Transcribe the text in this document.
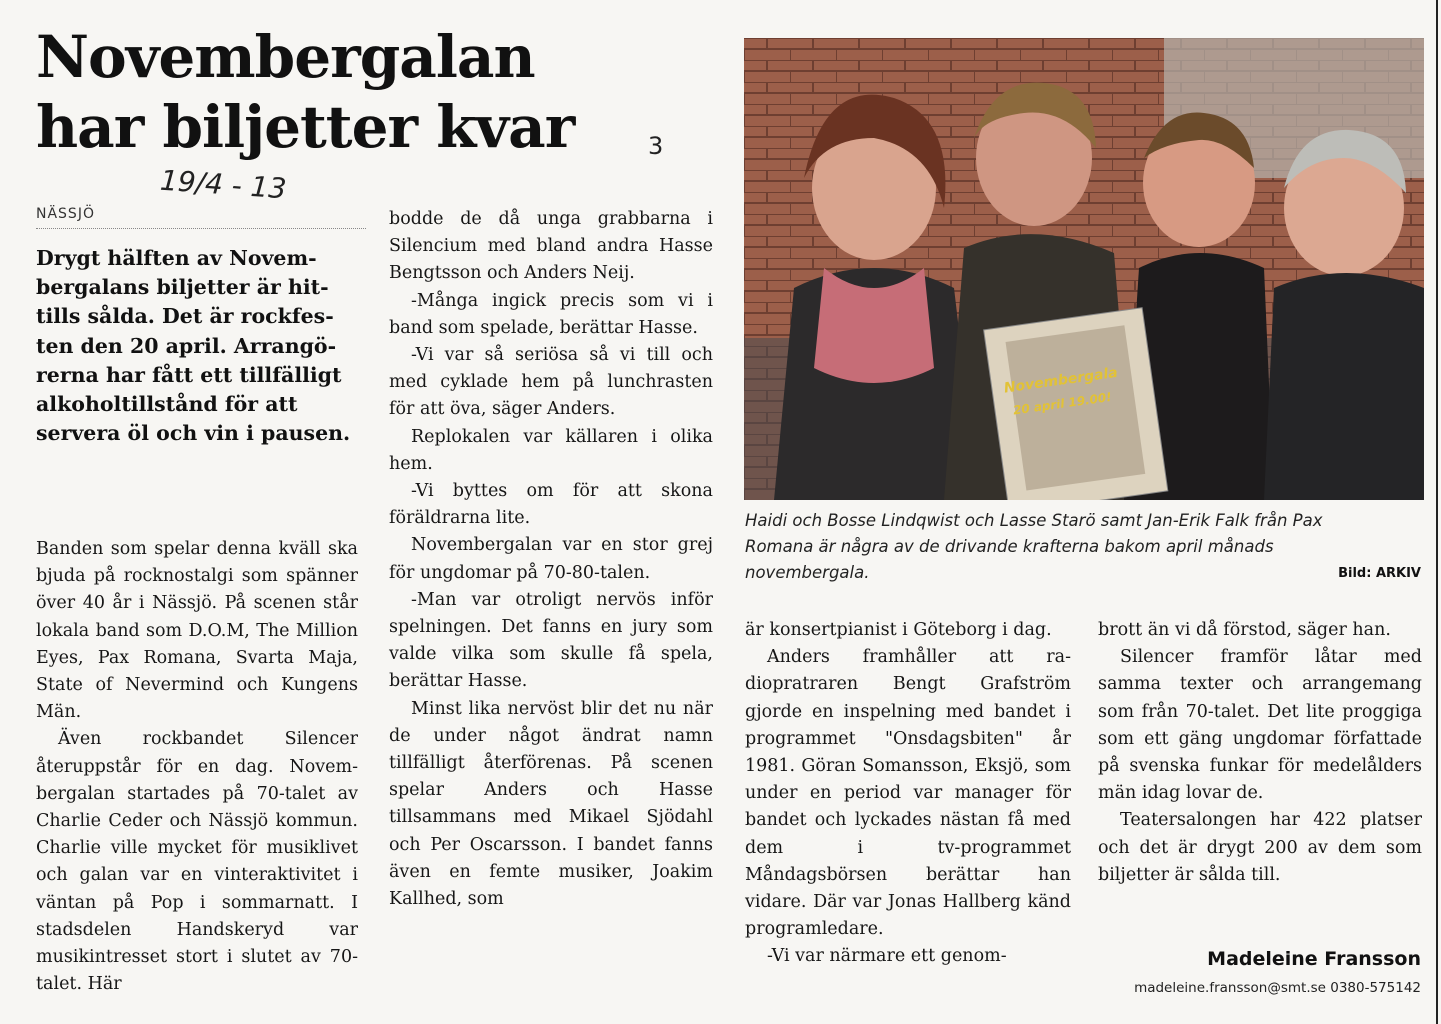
Novembergalan
har biljetter kvar	3
19/4 - 13
NÄSSJÖ

Drygt hälften av Novembergalans biljetter är hittills sålda. Det är rockfesten den 20 april. Arrangörerna har fått ett tillfälligt alkoholtillstånd för att servera öl och vin i pausen.

Banden som spelar denna kväll ska bjuda på rocknostalgi som spänner över 40 år i Nässjö. På scenen står lokala band som D.O.M, The Million Eyes, Pax Romana, Svarta Maja, State of Nevermind och Kungens Män.

Även rockbandet Silencer återuppstår för en dag. Novembergalan startades på 70-talet av Charlie Ceder och Nässjö kommun. Charlie ville mycket för musiklivet och galan var en vinteraktivitet i väntan på Pop i sommarnatt. I stadsdelen Handskeryd var musikintresset stort i slutet av 70-talet. Här

bodde de då unga grabbarna i Silencium med bland andra Hasse Bengtsson och Anders Neij.

-Många ingick precis som vi i band som spelade, berättar Hasse.

-Vi var så seriösa så vi till och med cyklade hem på lunchrasten för att öva, säger Anders.

Replokalen var källaren i olika hem.

-Vi byttes om för att skona föräldrarna lite.

Novembergalan var en stor grej för ungdomar på 70-80-talen.

-Man var otroligt nervös inför spelningen. Det fanns en jury som valde vilka som skulle få spela, berättar Hasse.

Minst lika nervöst blir det nu när de under något ändrat namn tillfälligt återförenas. På scenen spelar Anders och Hasse tillsammans med Mikael Sjödahl och Per Oscarsson. I bandet fanns även en femte musiker, Joakim Kallhed, som

Novembergala
20 april 19.00!
Haidi och Bosse Lindqwist och Lasse Starö samt Jan-Erik Falk från Pax Romana är några av de drivande krafterna bakom april månads novembergala.	Bild: ARKIV

är konsertpianist i Göteborg i dag.

Anders framhåller att radiopratraren Bengt Grafström gjorde en inspelning med bandet i programmet "Onsdagsbiten" år 1981. Göran Somansson, Eksjö, som under en period var manager för bandet och lyckades nästan få med dem i tv-programmet Måndagsbörsen berättar han vidare. Där var Jonas Hallberg känd programledare.

-Vi var närmare ett genom-

brott än vi då förstod, säger han.

Silencer framför låtar med samma texter och arrangemang som från 70-talet. Det lite proggiga som ett gäng ungdomar författade på svenska funkar för medelålders män idag lovar de.

Teatersalongen har 422 platser och det är drygt 200 av dem som biljetter är sålda till.

Madeleine Fransson
madeleine.fransson@smt.se 0380-575142
